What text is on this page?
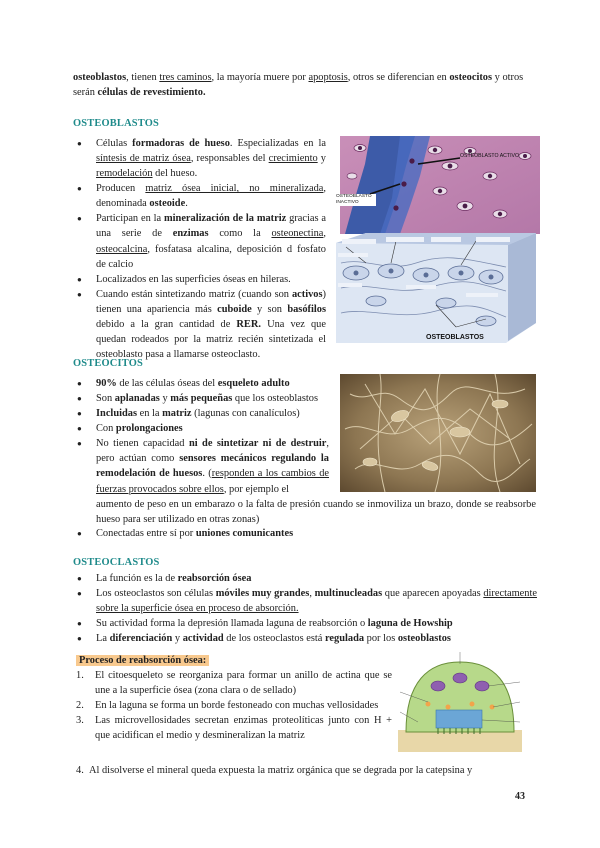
osteoblastos, tienen tres caminos, la mayoría muere por apoptosis, otros se diferencian en osteocitos y otros serán células de revestimiento.
OSTEOBLASTOS
● Células formadoras de hueso. Especializadas en la síntesis de matriz ósea, responsables del crecimiento y remodelación del hueso.
● Producen matriz ósea inicial, no mineralizada, denominada osteoide.
● Participan en la mineralización de la matriz gracias a una serie de enzimas como la osteonectina, osteocalcina, fosfatasa alcalina, deposición d fosfato de calcio
● Localizados en las superficies óseas en hileras.
● Cuando están sintetizando matriz (cuando son activos) tienen una apariencia más cuboide y son basófilos debido a la gran cantidad de RER. Una vez que quedan rodeados por la matriz recién sintetizada el osteoblasto pasa a llamarse osteoclasto.
OSTEOBLASTO ACTIVO
OSTEOBLASTO INACTIVO
OSTEOBLASTOS
OSTEOCITOS
● 90% de las células óseas del esqueleto adulto
● Son aplanadas y más pequeñas que los osteoblastos
● Incluidas en la matriz (lagunas con canalículos)
● Con prolongaciones
● No tienen capacidad ni de sintetizar ni de destruir, pero actúan como sensores mecánicos regulando la remodelación de huesos. (responden a los cambios de fuerzas provocados sobre ellos, por ejemplo el
aumento de peso en un embarazo o la falta de presión cuando se inmoviliza un brazo, donde se reabsorbe hueso para ser utilizado en otras zonas)
● Conectadas entre sí por uniones comunicantes
OSTEOCLASTOS
● La función es la de reabsorción ósea
● Los osteoclastos son células móviles muy grandes, multinucleadas que aparecen apoyadas directamente sobre la superficie ósea en proceso de absorción.
● Su actividad forma la depresión llamada laguna de reabsorción o laguna de Howship
● La diferenciación y actividad de los osteoclastos está regulada por los osteoblastos
Proceso de reabsorción ósea:
1. El citoesqueleto se reorganiza para formar un anillo de actina que se une a la superficie ósea (zona clara o de sellado)
2. En la laguna se forma un borde festoneado con muchas vellosidades
3. Las microvellosidades secretan enzimas proteolíticas junto con H + que acidifican el medio y desmineralizan la matriz
4. Al disolverse el mineral queda expuesta la matriz orgánica que se degrada por la catepsina y
43
